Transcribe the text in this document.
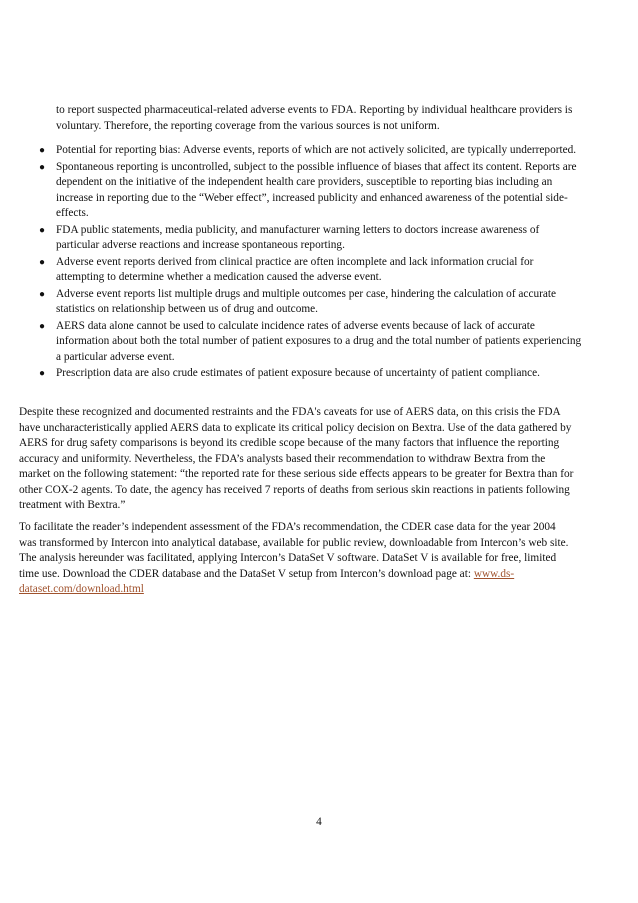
to report suspected pharmaceutical-related adverse events to FDA. Reporting by individual healthcare providers is voluntary. Therefore, the reporting coverage from the various sources is not uniform.

● Potential for reporting bias: Adverse events, reports of which are not actively solicited, are typically underreported.
● Spontaneous reporting is uncontrolled, subject to the possible influence of biases that affect its content. Reports are dependent on the initiative of the independent health care providers, susceptible to reporting bias including an increase in reporting due to the “Weber effect”, increased publicity and enhanced awareness of the potential side-effects.
● FDA public statements, media publicity, and manufacturer warning letters to doctors increase awareness of particular adverse reactions and increase spontaneous reporting.
● Adverse event reports derived from clinical practice are often incomplete and lack information crucial for attempting to determine whether a medication caused the adverse event.
● Adverse event reports list multiple drugs and multiple outcomes per case, hindering the calculation of accurate statistics on relationship between us of drug and outcome.
● AERS data alone cannot be used to calculate incidence rates of adverse events because of lack of accurate information about both the total number of patient exposures to a drug and the total number of patients experiencing a particular adverse event.
● Prescription data are also crude estimates of patient exposure because of uncertainty of patient compliance.

Despite these recognized and documented restraints and the FDA's caveats for use of AERS data, on this crisis the FDA have uncharacteristically applied AERS data to explicate its critical policy decision on Bextra. Use of the data gathered by AERS for drug safety comparisons is beyond its credible scope because of the many factors that influence the reporting accuracy and uniformity. Nevertheless, the FDA’s analysts based their recommendation to withdraw Bextra from the market on the following statement: “the reported rate for these serious side effects appears to be greater for Bextra than for other COX-2 agents. To date, the agency has received 7 reports of deaths from serious skin reactions in patients following treatment with Bextra.”

To facilitate the reader’s independent assessment of the FDA’s recommendation, the CDER case data for the year 2004 was transformed by Intercon into analytical database, available for public review, downloadable from Intercon’s web site. The analysis hereunder was facilitated, applying Intercon’s DataSet V software. DataSet V is available for free, limited time use. Download the CDER database and the DataSet V setup from Intercon’s download page at: www.ds-dataset.com/download.html

4
